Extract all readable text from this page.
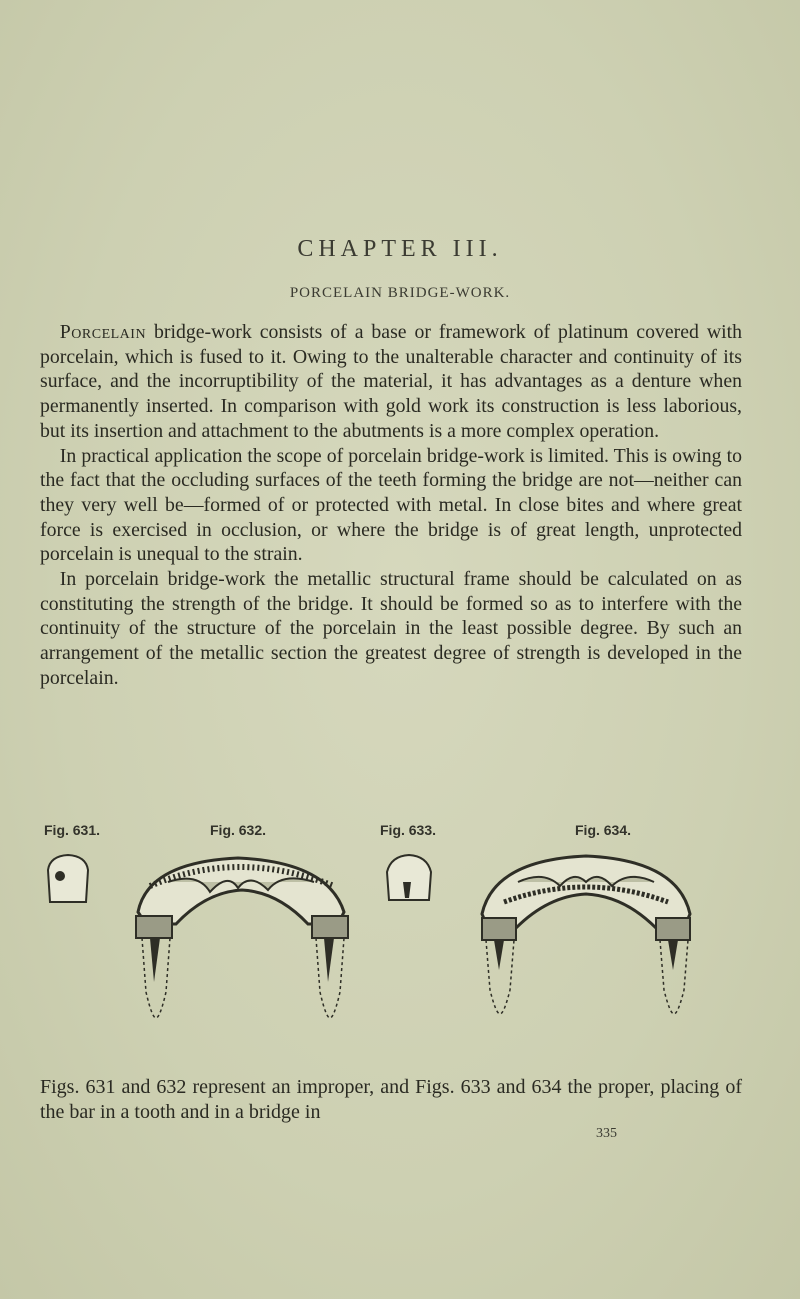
CHAPTER III.
PORCELAIN BRIDGE-WORK.

 Porcelain bridge-work consists of a base or framework of platinum covered with porcelain, which is fused to it. Owing to the unalterable character and continuity of its surface, and the incorruptibility of the material, it has advantages as a denture when permanently inserted. In comparison with gold work its construction is less laborious, but its insertion and attachment to the abutments is a more complex operation.

 In practical application the scope of porcelain bridge-work is limited. This is owing to the fact that the occluding surfaces of the teeth forming the bridge are not—neither can they very well be—formed of or protected with metal. In close bites and where great force is exercised in occlusion, or where the bridge is of great length, unprotected porcelain is unequal to the strain.

 In porcelain bridge-work the metallic structural frame should be calculated on as constituting the strength of the bridge. It should be formed so as to interfere with the continuity of the structure of the porcelain in the least possible degree. By such an arrangement of the metallic section the greatest degree of strength is developed in the porcelain.

Fig. 631.	Fig. 632.	Fig. 633.	Fig. 634.
Figs. 631 and 632 represent an improper, and Figs. 633 and 634 the proper, placing of the bar in a tooth and in a bridge in
335
